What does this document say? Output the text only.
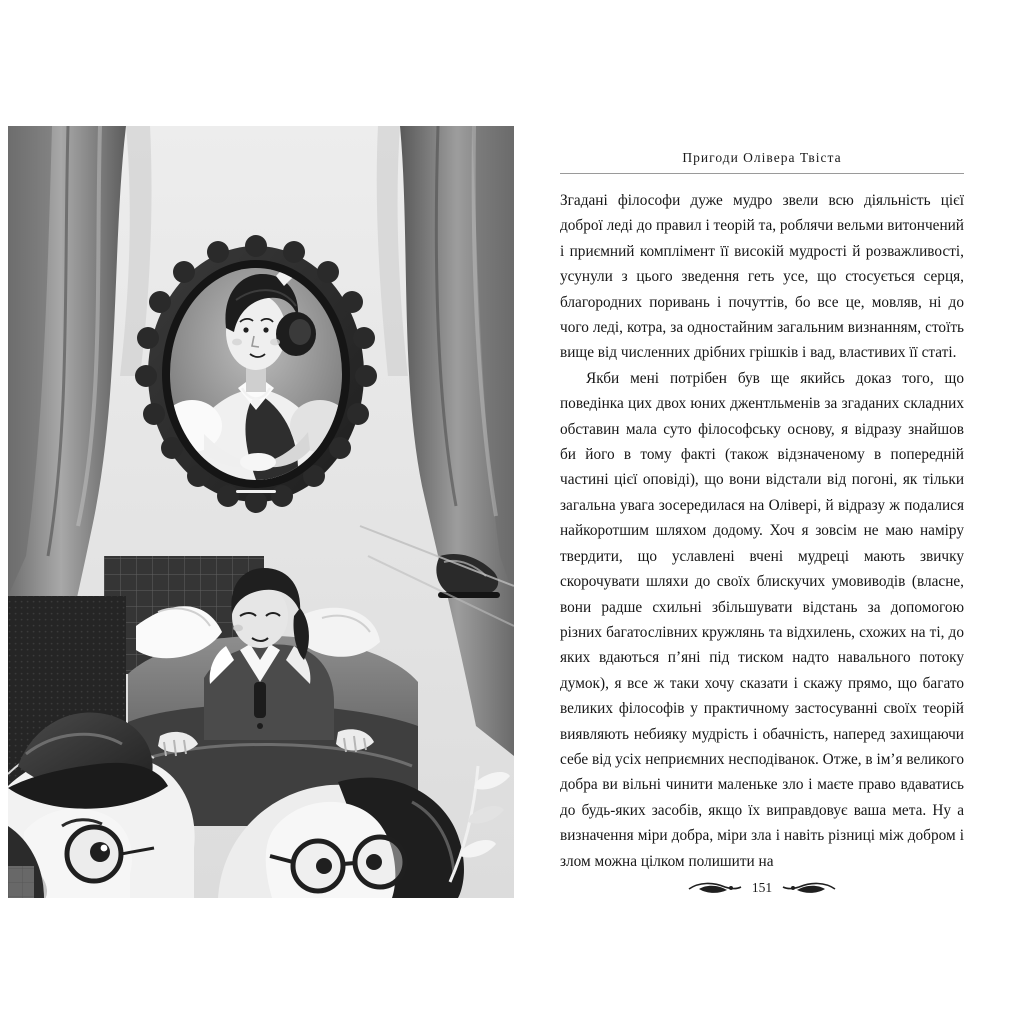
Пригоди Олівера Твіста

Згадані філософи дуже мудро звели всю діяльність цієї доброї леді до правил і теорій та, роблячи вельми витончений і приємний комплімент її високій мудрості й розважливості, усунули з цього зведення геть усе, що стосується серця, благородних поривань і почуттів, бо все це, мовляв, ні до чого леді, котра, за одностайним загальним визнанням, стоїть вище від численних дрібних грішків і вад, властивих її статі.

Якби мені потрібен був ще якийсь доказ того, що поведінка цих двох юних джентльменів за згаданих складних обставин мала суто філософську основу, я відразу знайшов би його в тому факті (також відзначеному в попередній частині цієї оповіді), що вони відстали від погоні, як тільки загальна увага зосередилася на Олівері, й відразу ж подалися найкоротшим шляхом додому. Хоч я зовсім не маю наміру твердити, що уславлені вчені мудреці мають звичку скорочувати шляхи до своїх блискучих умовиводів (власне, вони радше схильні збільшувати відстань за допомогою різних багатослівних кружлянь та відхилень, схожих на ті, до яких вдаються п’яні під тиском надто навального потоку думок), я все ж таки хочу сказати і скажу прямо, що багато великих філософів у практичному застосуванні своїх теорій виявляють небиякy мудрість і обачність, наперед захищаючи себе від усіх неприємних несподіванок. Отже, в ім’я великого добра ви вільні чинити маленьке зло і маєте право вдаватись до будь-яких засобів, якщо їх виправдовує ваша мета. Ну а визначення міри добра, міри зла і навіть різниці між добром і злом можна цілком полишити на

151
